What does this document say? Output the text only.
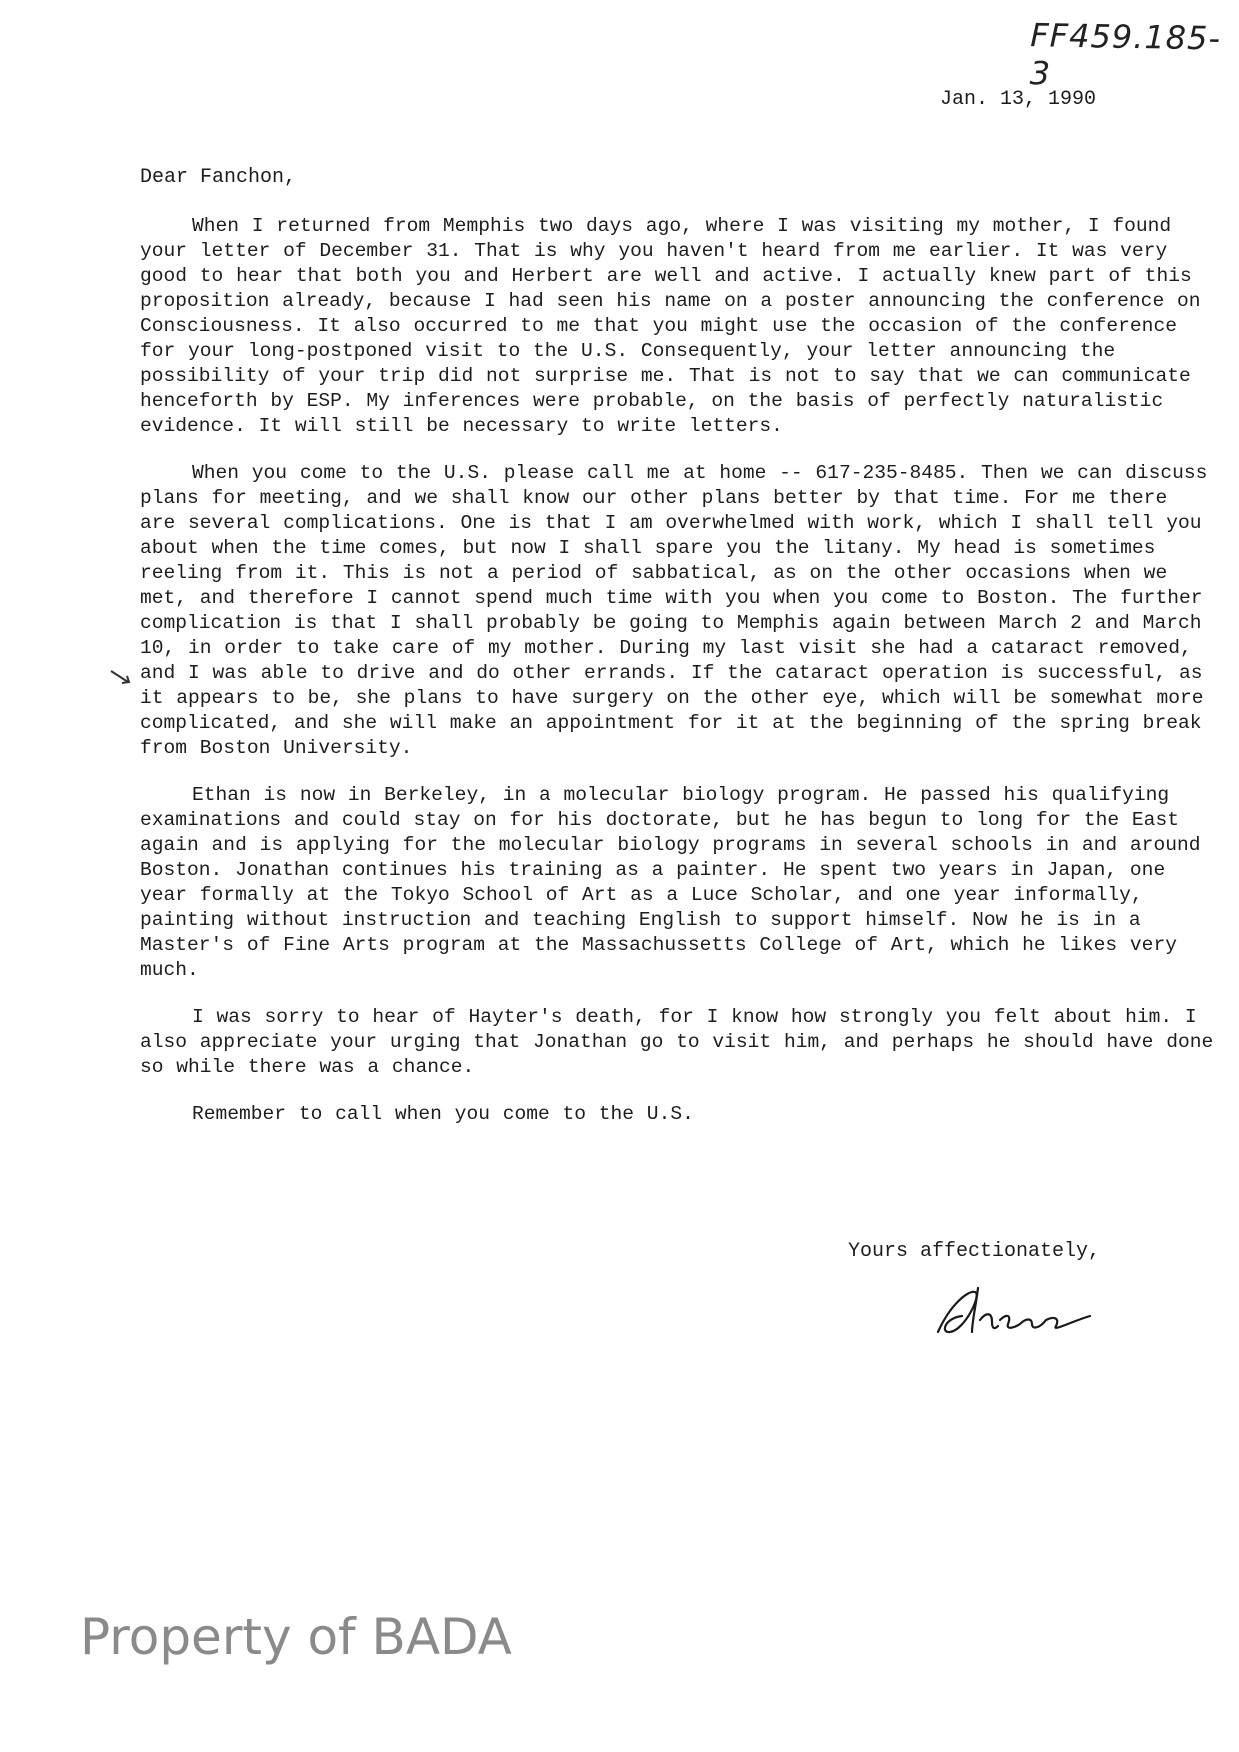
FF459.185-3
Jan. 13, 1990
Dear Fanchon,

When I returned from Memphis two days ago, where I was visiting my mother, I found your letter of December 31. That is why you haven't heard from me earlier. It was very good to hear that both you and Herbert are well and active. I actually knew part of this proposition already, because I had seen his name on a poster announcing the conference on Consciousness. It also occurred to me that you might use the occasion of the conference for your long-postponed visit to the U.S. Consequently, your letter announcing the possibility of your trip did not surprise me. That is not to say that we can communicate henceforth by ESP. My inferences were probable, on the basis of perfectly naturalistic evidence. It will still be necessary to write letters.

When you come to the U.S. please call me at home -- 617-235-8485. Then we can discuss plans for meeting, and we shall know our other plans better by that time. For me there are several complications. One is that I am overwhelmed with work, which I shall tell you about when the time comes, but now I shall spare you the litany. My head is sometimes reeling from it. This is not a period of sabbatical, as on the other occasions when we met, and therefore I cannot spend much time with you when you come to Boston. The further complication is that I shall probably be going to Memphis again between March 2 and March 10, in order to take care of my mother. During my last visit she had a cataract removed, and I was able to drive and do other errands. If the cataract operation is successful, as it appears to be, she plans to have surgery on the other eye, which will be somewhat more complicated, and she will make an appointment for it at the beginning of the spring break from Boston University.

Ethan is now in Berkeley, in a molecular biology program. He passed his qualifying examinations and could stay on for his doctorate, but he has begun to long for the East again and is applying for the molecular biology programs in several schools in and around Boston. Jonathan continues his training as a painter. He spent two years in Japan, one year formally at the Tokyo School of Art as a Luce Scholar, and one year informally, painting without instruction and teaching English to support himself. Now he is in a Master's of Fine Arts program at the Massachussetts College of Art, which he likes very much.

I was sorry to hear of Hayter's death, for I know how strongly you felt about him. I also appreciate your urging that Jonathan go to visit him, and perhaps he should have done so while there was a chance.

Remember to call when you come to the U.S.

Yours affectionately,
Property of BADA
